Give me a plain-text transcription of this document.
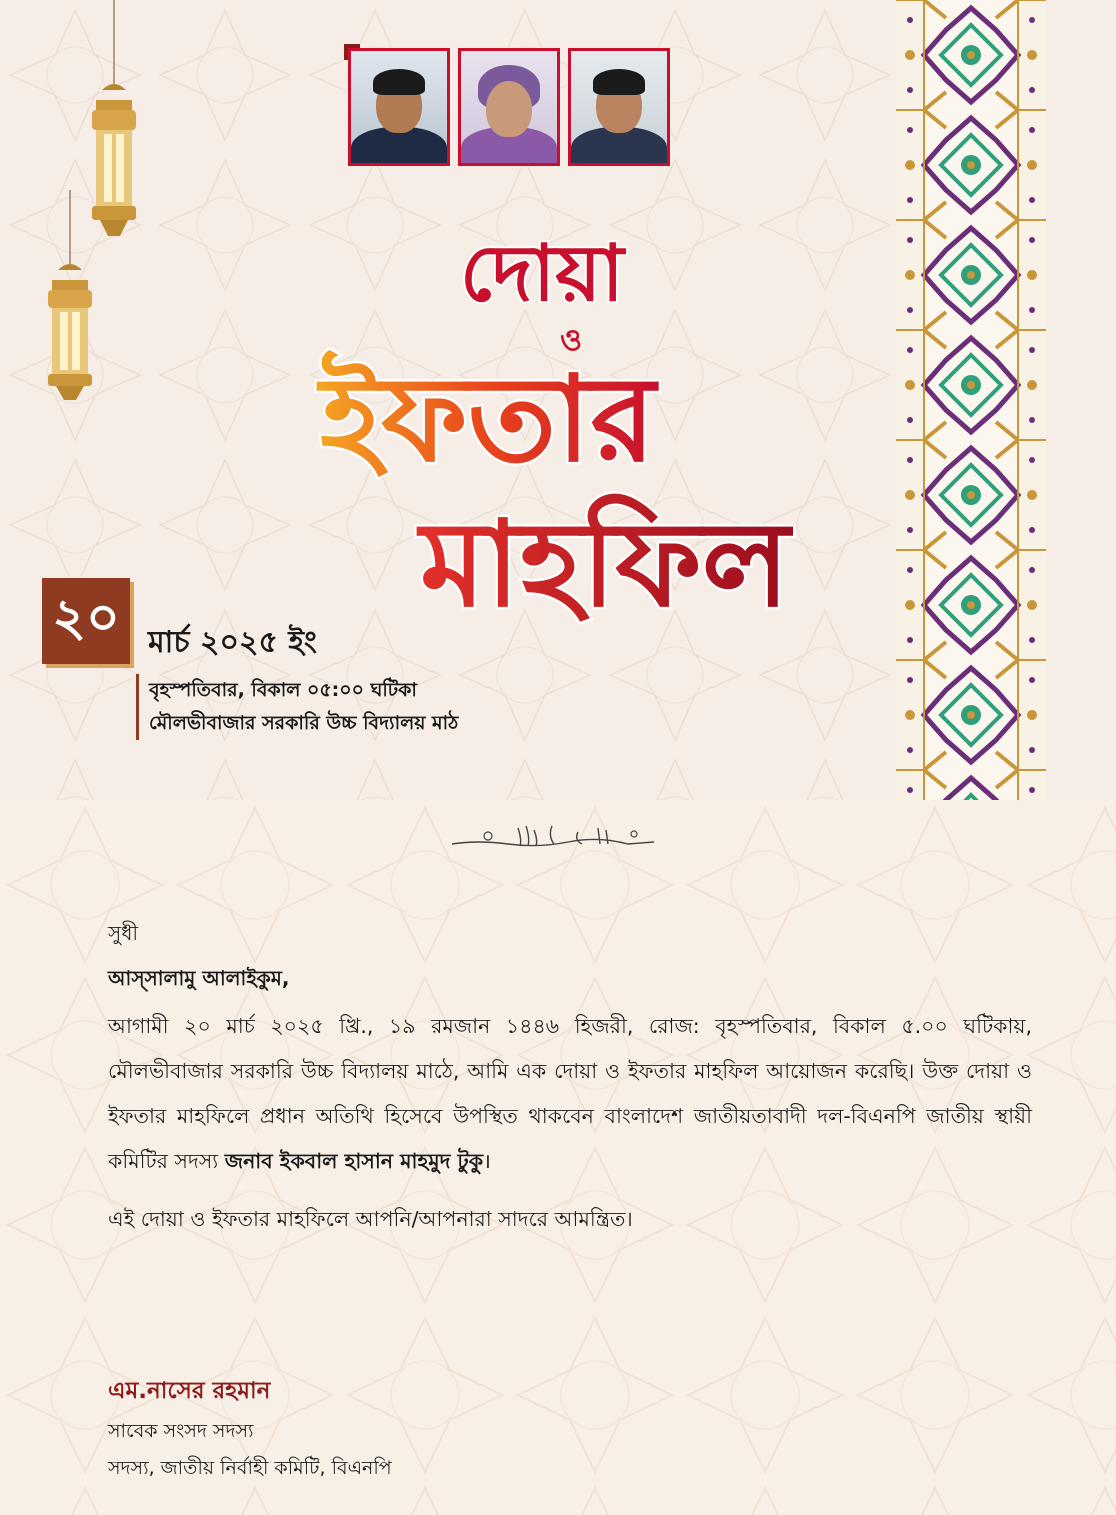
দোয়া
ও
ইফতার
মাহফিল
২০ মার্চ ২০২৫ ইং
বৃহস্পতিবার, বিকাল ০৫:০০ ঘটিকা
মৌলভীবাজার সরকারি উচ্চ বিদ্যালয় মাঠ
সুধী
আস্‌সালামু আলাইকুম,

আগামী ২০ মার্চ ২০২৫ খ্রি., ১৯ রমজান ১৪৪৬ হিজরী, রোজ: বৃহস্পতিবার, বিকাল ৫.০০ ঘটিকায়, মৌলভীবাজার সরকারি উচ্চ বিদ্যালয় মাঠে, আমি এক দোয়া ও ইফতার মাহফিল আয়োজন করেছি। উক্ত দোয়া ও ইফতার মাহফিলে প্রধান অতিথি হিসেবে উপস্থিত থাকবেন বাংলাদেশ জাতীয়তাবাদী দল-বিএনপি জাতীয় স্থায়ী কমিটির সদস্য জনাব ইকবাল হাসান মাহমুদ টুকু।

এই দোয়া ও ইফতার মাহফিলে আপনি/আপনারা সাদরে আমন্ত্রিত।

এম.নাসের রহমান
সাবেক সংসদ সদস্য
সদস্য, জাতীয় নির্বাহী কমিটি, বিএনপি
